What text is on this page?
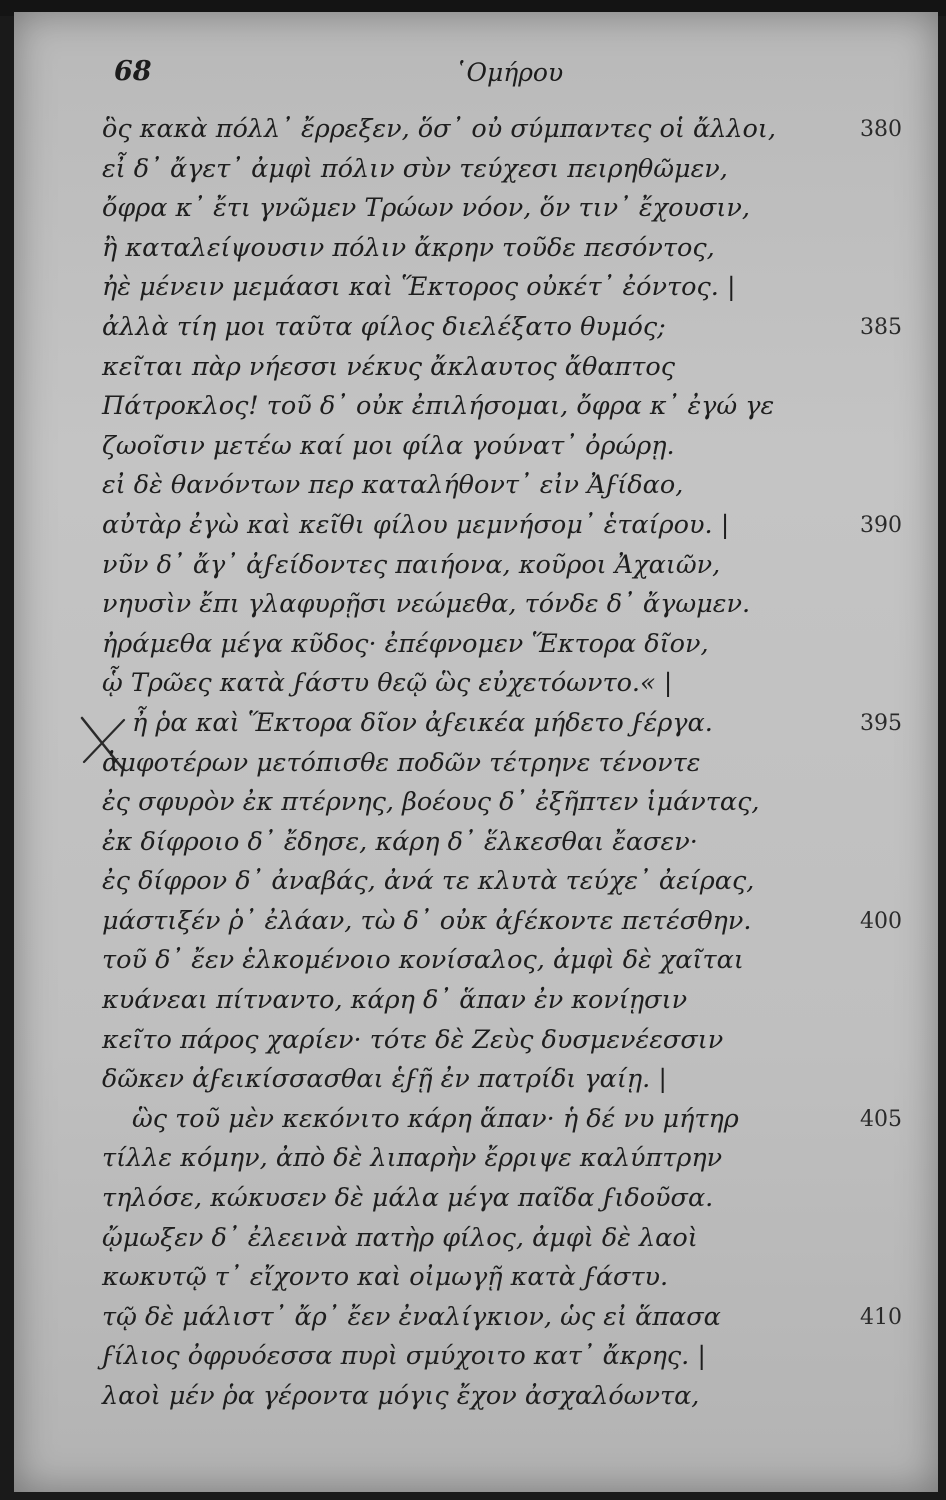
68	῾Ομήρου
ὃς κακὰ πόλλ᾽ ἔρρεξεν, ὅσ᾽ οὐ σύμπαντες οἱ ἄλλοι,	380
εἶ δ᾽ ἄγετ᾽ ἀμφὶ πόλιν σὺν τεύχεσι πειρηθῶμεν,
ὄφρα κ᾽ ἔτι γνῶμεν Τρώων νόον, ὅν τιν᾽ ἔχουσιν,
ἢ καταλείψουσιν πόλιν ἄκρην τοῦδε πεσόντος,
ἠὲ μένειν μεμάασι καὶ Ἕκτορος οὐκέτ᾽ ἐόντος. |
ἀλλὰ τίη μοι ταῦτα φίλος διελέξατο θυμός;	385
κεῖται πὰρ νήεσσι νέκυς ἄκλαυτος ἄθαπτος
Πάτροκλος! τοῦ δ᾽ οὐκ ἐπιλήσομαι, ὄφρα κ᾽ ἐγώ γε
ζωοῖσιν μετέω καί μοι φίλα γούνατ᾽ ὀρώρῃ.
εἰ δὲ θανόντων περ καταλήθοντ᾽ εἰν Ἀϝίδαο,
αὐτὰρ ἐγὼ καὶ κεῖθι φίλου μεμνήσομ᾽ ἑταίρου. |	390
νῦν δ᾽ ἄγ᾽ ἀϝείδοντες παιήονα, κοῦροι Ἀχαιῶν,
νηυσὶν ἔπι γλαφυρῇσι νεώμεθα, τόνδε δ᾽ ἄγωμεν.
ἠράμεθα μέγα κῦδος· ἐπέφνομεν Ἕκτορα δῖον,
ᾧ Τρῶες κατὰ ϝάστυ θεῷ ὣς εὐχετόωντο.« |
ἦ ῥα καὶ Ἕκτορα δῖον ἀϝεικέα μήδετο ϝέργα.	395
ἀμφοτέρων μετόπισθε ποδῶν τέτρηνε τένοντε
ἐς σφυρὸν ἐκ πτέρνης, βοέους δ᾽ ἐξῆπτεν ἱμάντας,
ἐκ δίφροιο δ᾽ ἔδησε, κάρη δ᾽ ἕλκεσθαι ἔασεν·
ἐς δίφρον δ᾽ ἀναβάς, ἀνά τε κλυτὰ τεύχε᾽ ἀείρας,
μάστιξέν ῥ᾽ ἐλάαν, τὼ δ᾽ οὐκ ἀϝέκοντε πετέσθην.	400
τοῦ δ᾽ ἔεν ἑλκομένοιο κονίσαλος, ἀμφὶ δὲ χαῖται
κυάνεαι πίτναντο, κάρη δ᾽ ἅπαν ἐν κονίῃσιν
κεῖτο πάρος χαρίεν· τότε δὲ Ζεὺς δυσμενέεσσιν
δῶκεν ἀϝεικίσσασθαι ἑϝῇ ἐν πατρίδι γαίῃ. |
ὣς τοῦ μὲν κεκόνιτο κάρη ἅπαν· ἡ δέ νυ μήτηρ	405
τίλλε κόμην, ἀπὸ δὲ λιπαρὴν ἔρριψε καλύπτρην
τηλόσε, κώκυσεν δὲ μάλα μέγα παῖδα ϝιδοῦσα.
ᾤμωξεν δ᾽ ἐλεεινὰ πατὴρ φίλος, ἀμφὶ δὲ λαοὶ
κωκυτῷ τ᾽ εἴχοντο καὶ οἰμωγῇ κατὰ ϝάστυ.
τῷ δὲ μάλιστ᾽ ἄρ᾽ ἔεν ἐναλίγκιον, ὡς εἰ ἅπασα	410
ϝίλιος ὀφρυόεσσα πυρὶ σμύχοιτο κατ᾽ ἄκρης. |
λαοὶ μέν ῥα γέροντα μόγις ἔχον ἀσχαλόωντα,
